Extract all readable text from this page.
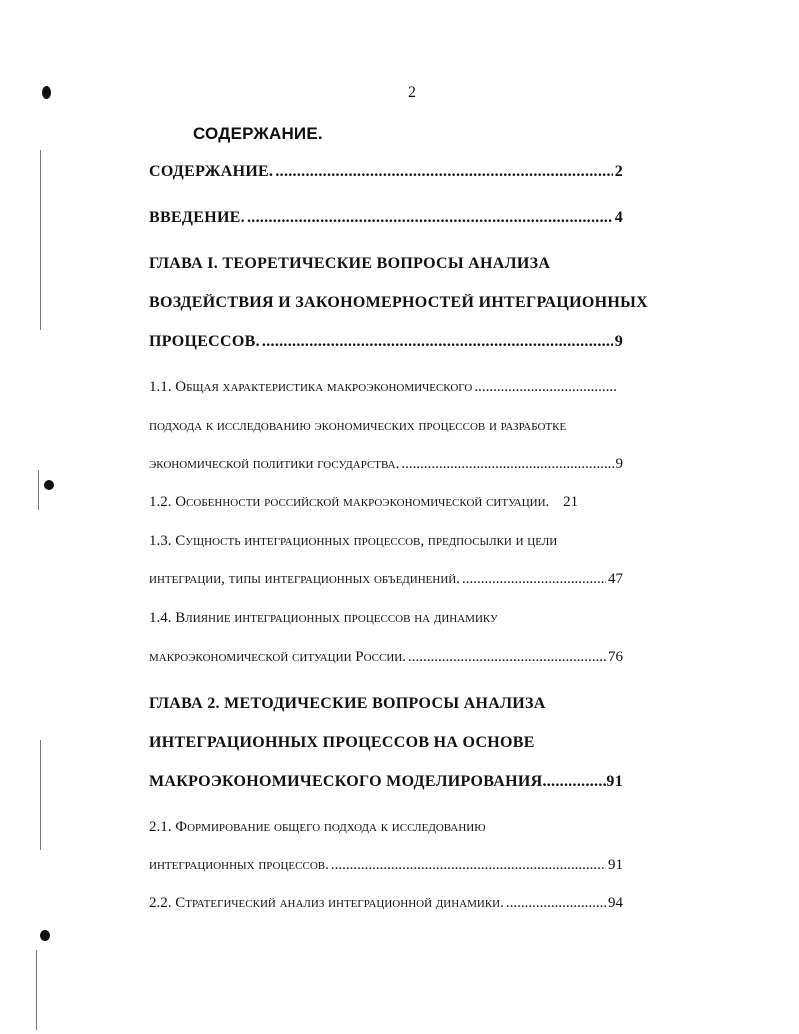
2
СОДЕРЖАНИЕ.
СОДЕРЖАНИЕ. .....	2
ВВЕДЕНИЕ. .....	4
ГЛАВА I. ТЕОРЕТИЧЕСКИЕ ВОПРОСЫ АНАЛИЗА
ВОЗДЕЙСТВИЯ И ЗАКОНОМЕРНОСТЕЙ ИНТЕГРАЦИОННЫХ
ПРОЦЕССОВ. .....	9
1.1. Общая характеристика макроэкономического
.....
подхода к исследованию экономических процессов и разработке
экономической политики государства. .....	9
1.2. Особенности российской макроэкономической ситуации. 21
1.3. Сущность интеграционных процессов, предпосылки и цели
интеграции, типы интеграционных объединений. .....	47
1.4. Влияние интеграционных процессов на динамику
макроэкономической ситуации России. .....	76
ГЛАВА 2. МЕТОДИЧЕСКИЕ ВОПРОСЫ АНАЛИЗА
ИНТЕГРАЦИОННЫХ ПРОЦЕССОВ НА ОСНОВЕ
МАКРОЭКОНОМИЧЕСКОГО МОДЕЛИРОВАНИЯ .....	91
2.1. Формирование общего подхода к исследованию
интеграционных процессов. .....	91
2.2. Стратегический анализ интеграционной динамики. .....	94
